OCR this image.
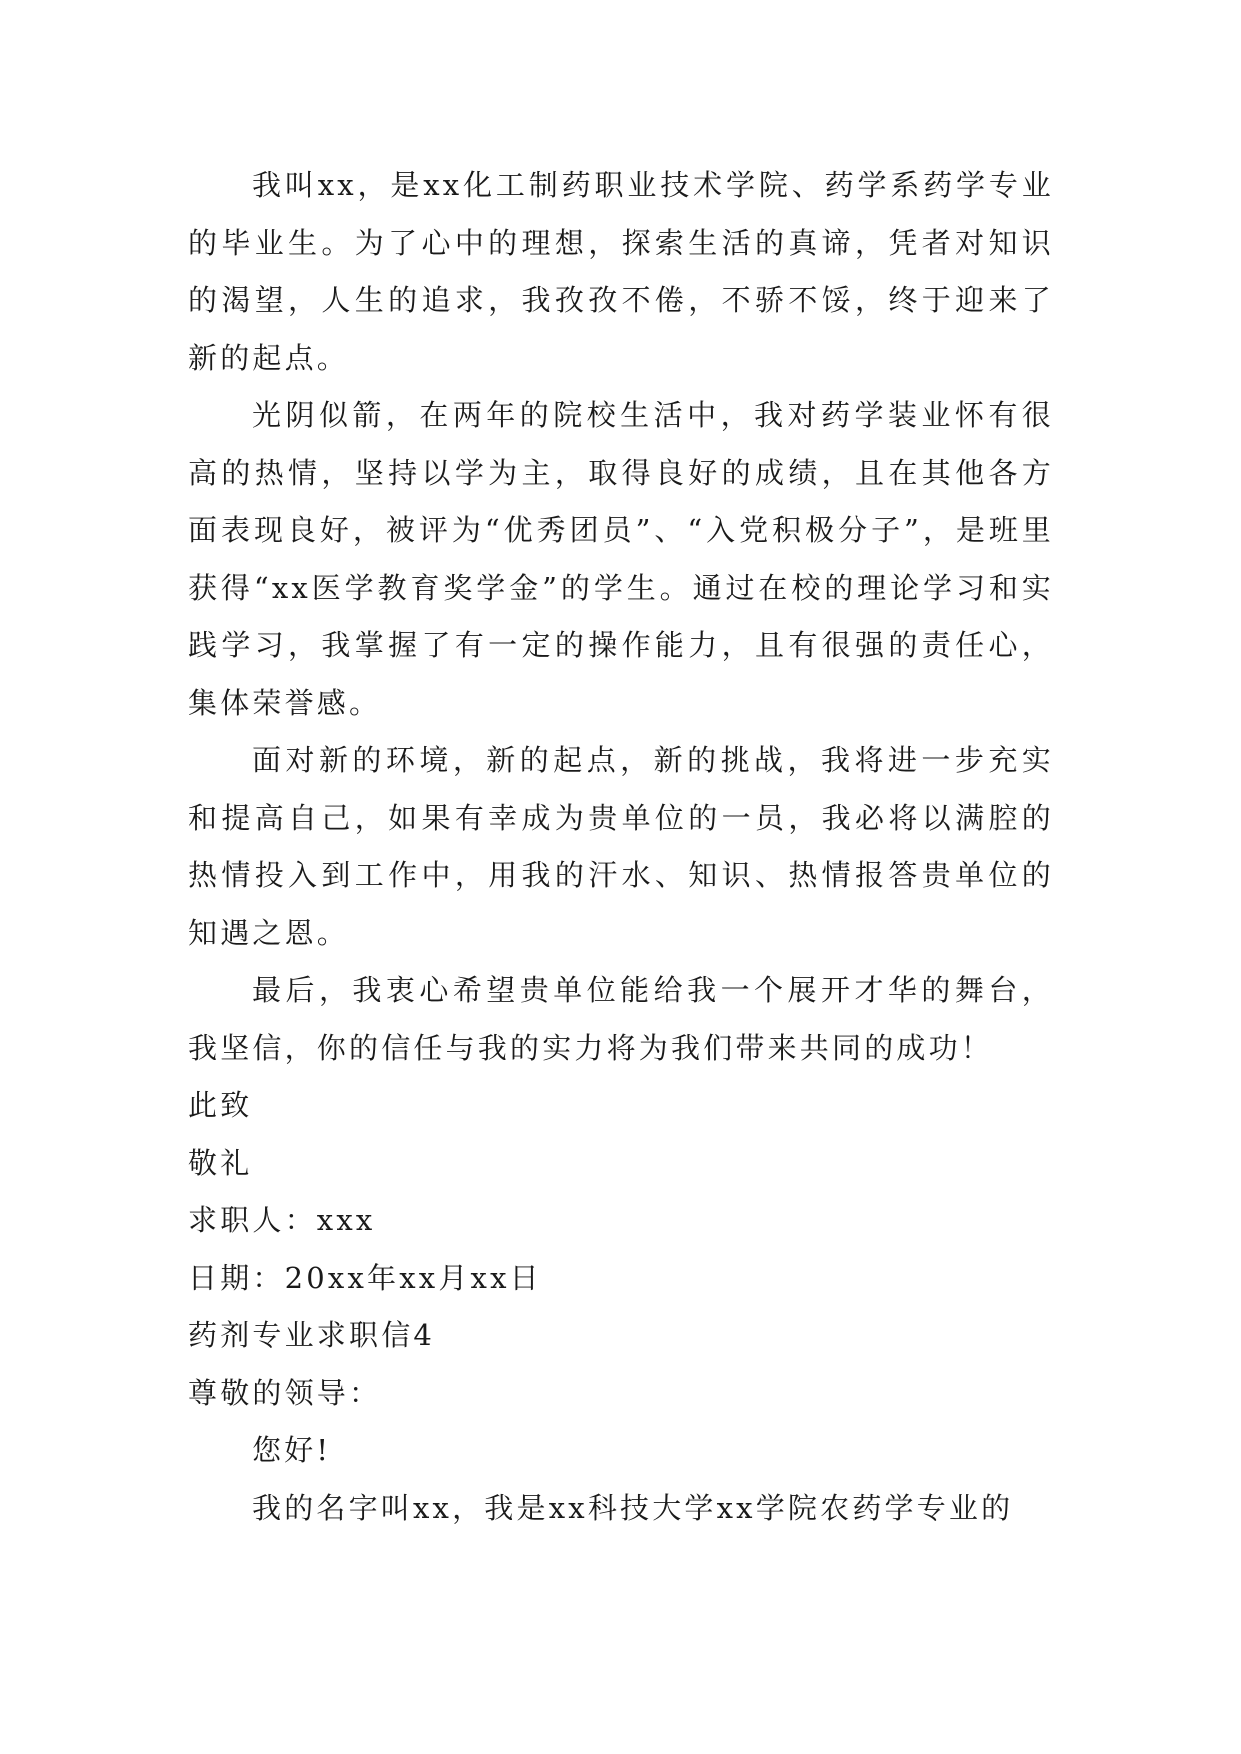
我叫xx，是xx化工制药职业技术学院、药学系药学专业的毕业生。为了心中的理想，探索生活的真谛，凭者对知识的渴望，人生的追求，我孜孜不倦，不骄不馁，终于迎来了新的起点。

光阴似箭，在两年的院校生活中，我对药学装业怀有很高的热情，坚持以学为主，取得良好的成绩，且在其他各方面表现良好，被评为“优秀团员”、“入党积极分子”，是班里获得“xx医学教育奖学金”的学生。通过在校的理论学习和实践学习，我掌握了有一定的操作能力，且有很强的责任心，集体荣誉感。

面对新的环境，新的起点，新的挑战，我将进一步充实和提高自己，如果有幸成为贵单位的一员，我必将以满腔的热情投入到工作中，用我的汗水、知识、热情报答贵单位的知遇之恩。

最后，我衷心希望贵单位能给我一个展开才华的舞台，我坚信，你的信任与我的实力将为我们带来共同的成功！

此致

敬礼

求职人：xxx

日期：20xx年xx月xx日

药剂专业求职信4

尊敬的领导：

您好!

我的名字叫xx，我是xx科技大学xx学院农药学专业的
